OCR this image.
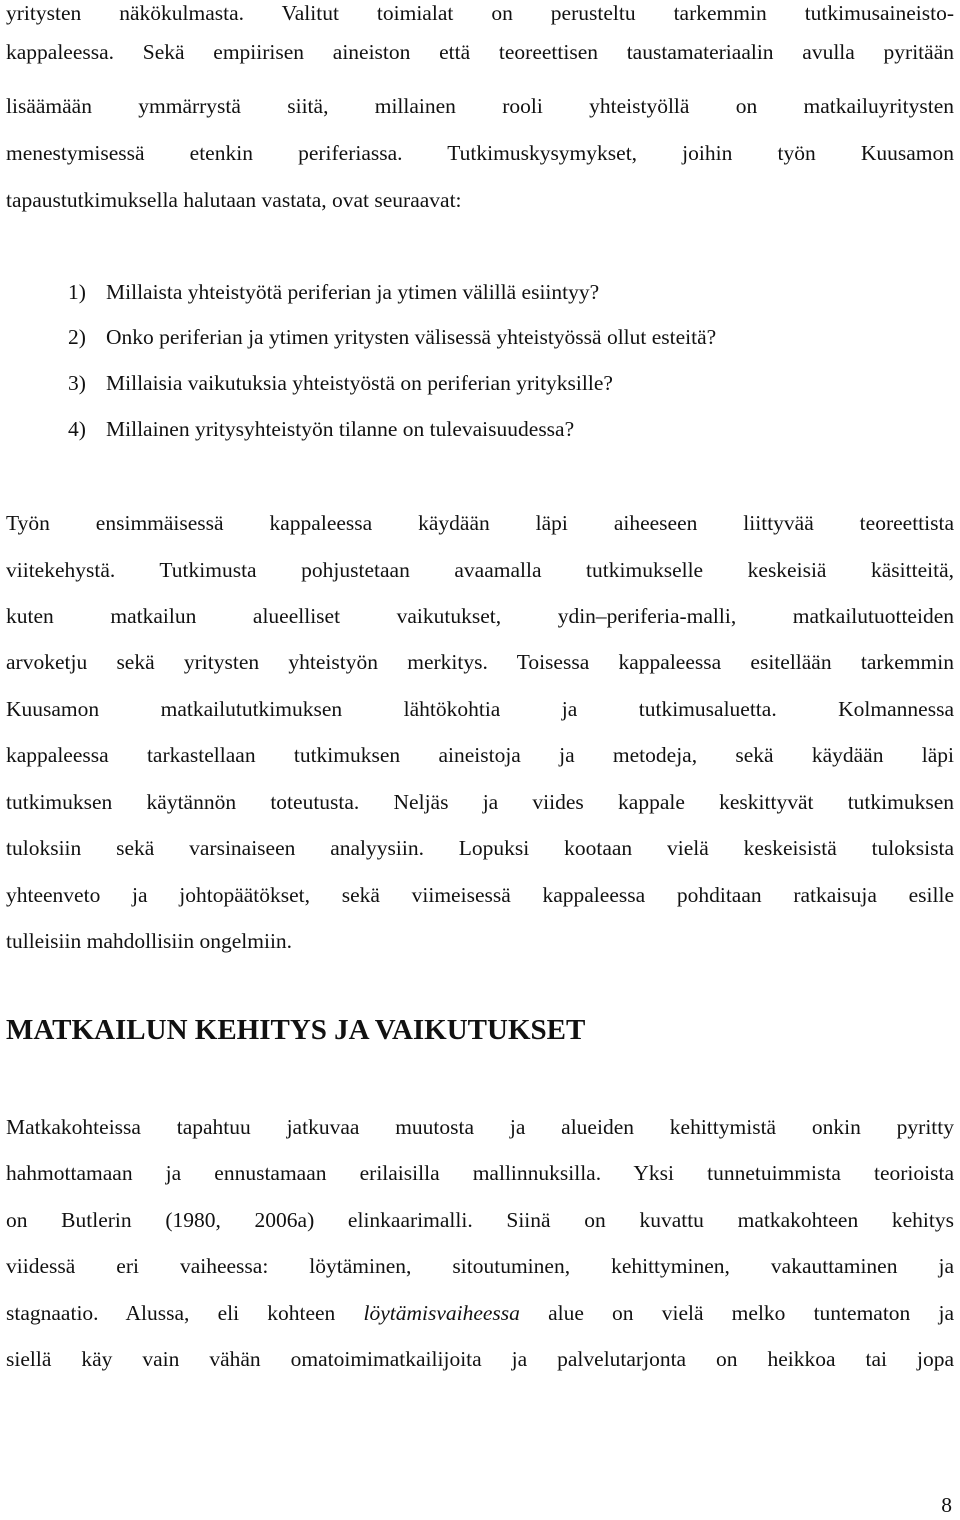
yritysten näkökulmasta. Valitut toimialat on perusteltu tarkemmin tutkimusaineisto-
kappaleessa. Sekä empiirisen aineiston että teoreettisen taustamateriaalin avulla pyritään
lisäämään ymmärrystä siitä, millainen rooli yhteistyöllä on matkailuyritysten
menestymisessä etenkin periferiassa. Tutkimuskysymykset, joihin työn Kuusamon
tapaustutkimuksella halutaan vastata, ovat seuraavat:
1) Millaista yhteistyötä periferian ja ytimen välillä esiintyy?
2) Onko periferian ja ytimen yritysten välisessä yhteistyössä ollut esteitä?
3) Millaisia vaikutuksia yhteistyöstä on periferian yrityksille?
4) Millainen yritysyhteistyön tilanne on tulevaisuudessa?
Työn ensimmäisessä kappaleessa käydään läpi aiheeseen liittyvää teoreettista
viitekehystä. Tutkimusta pohjustetaan avaamalla tutkimukselle keskeisiä käsitteitä,
kuten matkailun alueelliset vaikutukset, ydin–periferia-malli, matkailutuotteiden
arvoketju sekä yritysten yhteistyön merkitys. Toisessa kappaleessa esitellään tarkemmin
Kuusamon matkailututkimuksen lähtökohtia ja tutkimusaluetta. Kolmannessa
kappaleessa tarkastellaan tutkimuksen aineistoja ja metodeja, sekä käydään läpi
tutkimuksen käytännön toteutusta. Neljäs ja viides kappale keskittyvät tutkimuksen
tuloksiin sekä varsinaiseen analyysiin. Lopuksi kootaan vielä keskeisistä tuloksista
yhteenveto ja johtopäätökset, sekä viimeisessä kappaleessa pohditaan ratkaisuja esille
tulleisiin mahdollisiin ongelmiin.
MATKAILUN KEHITYS JA VAIKUTUKSET
Matkakohteissa tapahtuu jatkuvaa muutosta ja alueiden kehittymistä onkin pyritty
hahmottamaan ja ennustamaan erilaisilla mallinnuksilla. Yksi tunnetuimmista teorioista
on Butlerin (1980, 2006a) elinkaarimalli. Siinä on kuvattu matkakohteen kehitys
viidessä eri vaiheessa: löytäminen, sitoutuminen, kehittyminen, vakauttaminen ja
stagnaatio. Alussa, eli kohteen löytämisvaiheessa alue on vielä melko tuntematon ja
siellä käy vain vähän omatoimimatkailijoita ja palvelutarjonta on heikkoa tai jopa
8
